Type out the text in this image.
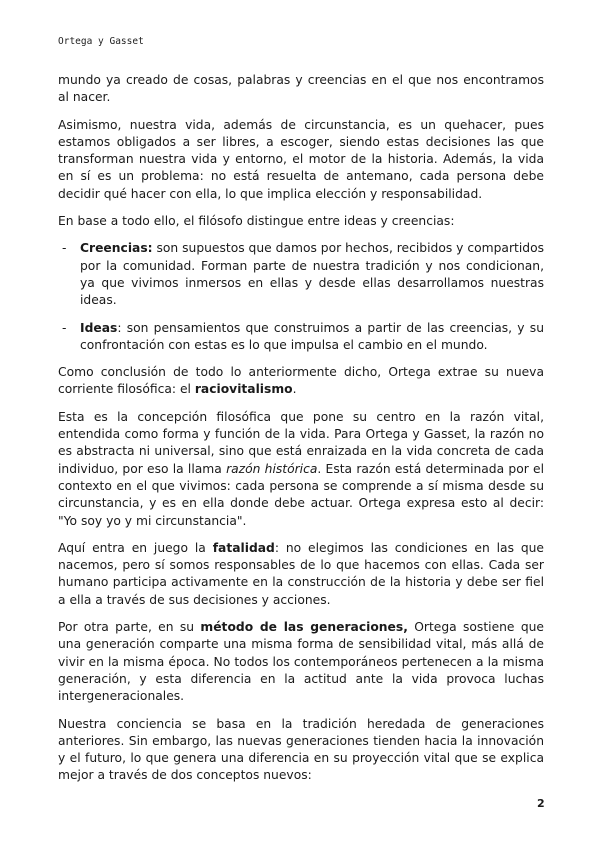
Ortega y Gasset

mundo ya creado de cosas, palabras y creencias en el que nos encontramos al nacer.

Asimismo, nuestra vida, además de circunstancia, es un quehacer, pues estamos obligados a ser libres, a escoger, siendo estas decisiones las que transforman nuestra vida y entorno, el motor de la historia. Además, la vida en sí es un problema: no está resuelta de antemano, cada persona debe decidir qué hacer con ella, lo que implica elección y responsabilidad.

En base a todo ello, el filósofo distingue entre ideas y creencias:

- Creencias: son supuestos que damos por hechos, recibidos y compartidos por la comunidad. Forman parte de nuestra tradición y nos condicionan, ya que vivimos inmersos en ellas y desde ellas desarrollamos nuestras ideas.
- Ideas: son pensamientos que construimos a partir de las creencias, y su confrontación con estas es lo que impulsa el cambio en el mundo.

Como conclusión de todo lo anteriormente dicho, Ortega extrae su nueva corriente filosófica: el raciovitalismo.

Esta es la concepción filosófica que pone su centro en la razón vital, entendida como forma y función de la vida. Para Ortega y Gasset, la razón no es abstracta ni universal, sino que está enraizada en la vida concreta de cada individuo, por eso la llama razón histórica. Esta razón está determinada por el contexto en el que vivimos: cada persona se comprende a sí misma desde su circunstancia, y es en ella donde debe actuar. Ortega expresa esto al decir: "Yo soy yo y mi circunstancia".

Aquí entra en juego la fatalidad: no elegimos las condiciones en las que nacemos, pero sí somos responsables de lo que hacemos con ellas. Cada ser humano participa activamente en la construcción de la historia y debe ser fiel a ella a través de sus decisiones y acciones.

Por otra parte, en su método de las generaciones, Ortega sostiene que una generación comparte una misma forma de sensibilidad vital, más allá de vivir en la misma época. No todos los contemporáneos pertenecen a la misma generación, y esta diferencia en la actitud ante la vida provoca luchas intergeneracionales.

Nuestra conciencia se basa en la tradición heredada de generaciones anteriores. Sin embargo, las nuevas generaciones tienden hacia la innovación y el futuro, lo que genera una diferencia en su proyección vital que se explica mejor a través de dos conceptos nuevos:

2
